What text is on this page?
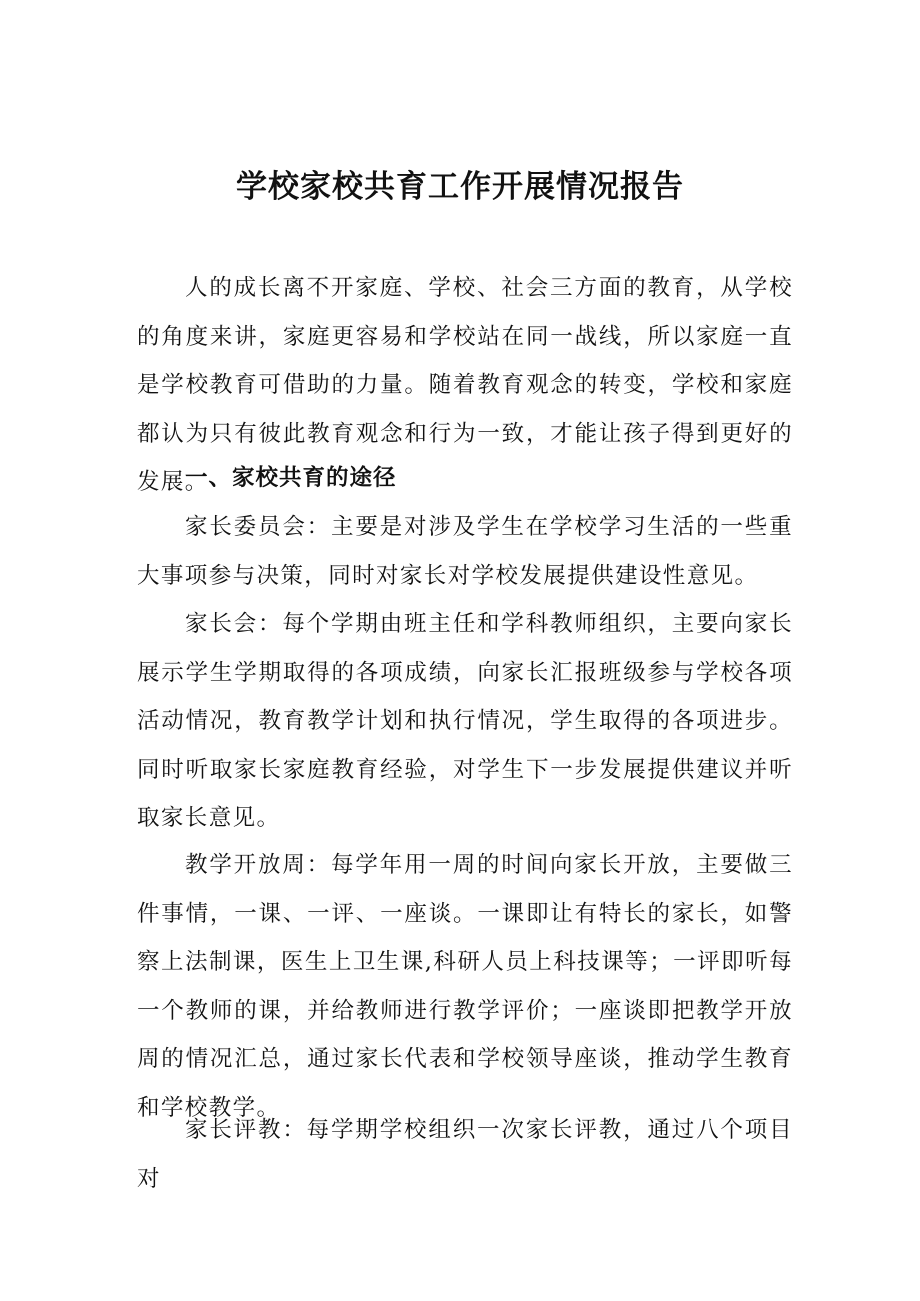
学校家校共育工作开展情况报告

人的成长离不开家庭、学校、社会三方面的教育，从学校的角度来讲，家庭更容易和学校站在同一战线，所以家庭一直是学校教育可借助的力量。随着教育观念的转变，学校和家庭都认为只有彼此教育观念和行为一致，才能让孩子得到更好的发展。

一、家校共育的途径

家长委员会：主要是对涉及学生在学校学习生活的一些重大事项参与决策，同时对家长对学校发展提供建设性意见。

家长会：每个学期由班主任和学科教师组织，主要向家长展示学生学期取得的各项成绩，向家长汇报班级参与学校各项活动情况，教育教学计划和执行情况，学生取得的各项进步。同时听取家长家庭教育经验，对学生下一步发展提供建议并听取家长意见。

教学开放周：每学年用一周的时间向家长开放，主要做三件事情，一课、一评、一座谈。一课即让有特长的家长，如警察上法制课，医生上卫生课,科研人员上科技课等；一评即听每一个教师的课，并给教师进行教学评价；一座谈即把教学开放周的情况汇总，通过家长代表和学校领导座谈，推动学生教育和学校教学。

家长评教：每学期学校组织一次家长评教，通过八个项目对
